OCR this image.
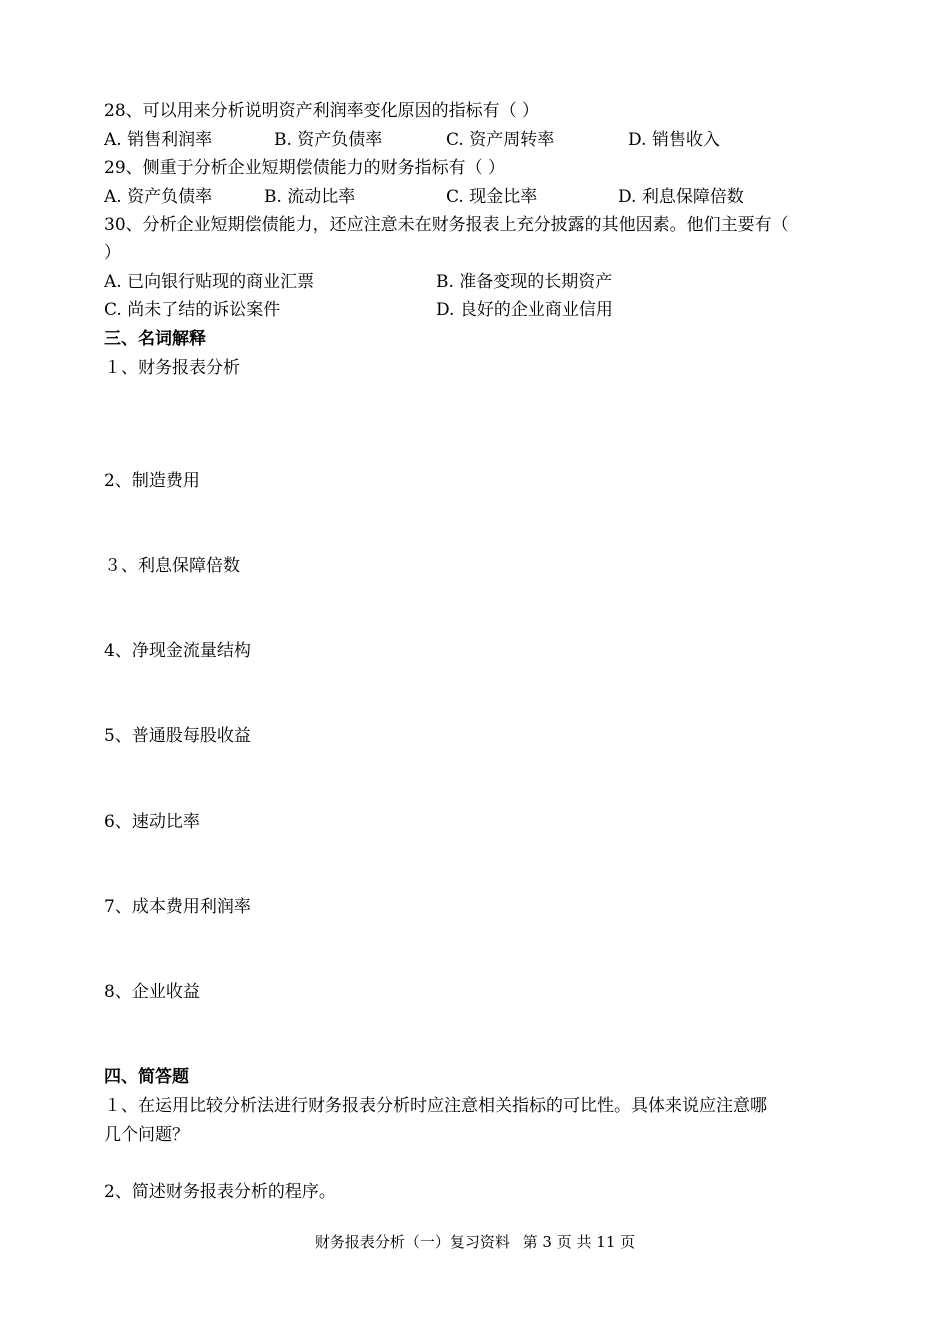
28、可以用来分析说明资产利润率变化原因的指标有（ ）
A. 销售利润率	B. 资产负债率	C. 资产周转率	D. 销售收入
29、侧重于分析企业短期偿债能力的财务指标有（ ）
A. 资产负债率	B. 流动比率	C. 现金比率	D. 利息保障倍数
30、分析企业短期偿债能力，还应注意未在财务报表上充分披露的其他因素。他们主要有（
）
A. 已向银行贴现的商业汇票	B. 准备变现的长期资产
C. 尚未了结的诉讼案件	D. 良好的企业商业信用
三、名词解释
１、财务报表分析
2、制造费用
３、利息保障倍数
4、净现金流量结构
5、普通股每股收益
6、速动比率
7、成本费用利润率
8、企业收益
四、简答题
１、在运用比较分析法进行财务报表分析时应注意相关指标的可比性。具体来说应注意哪
几个问题？
2、简述财务报表分析的程序。
财务报表分析（一）复习资料 第 3 页 共 11 页
